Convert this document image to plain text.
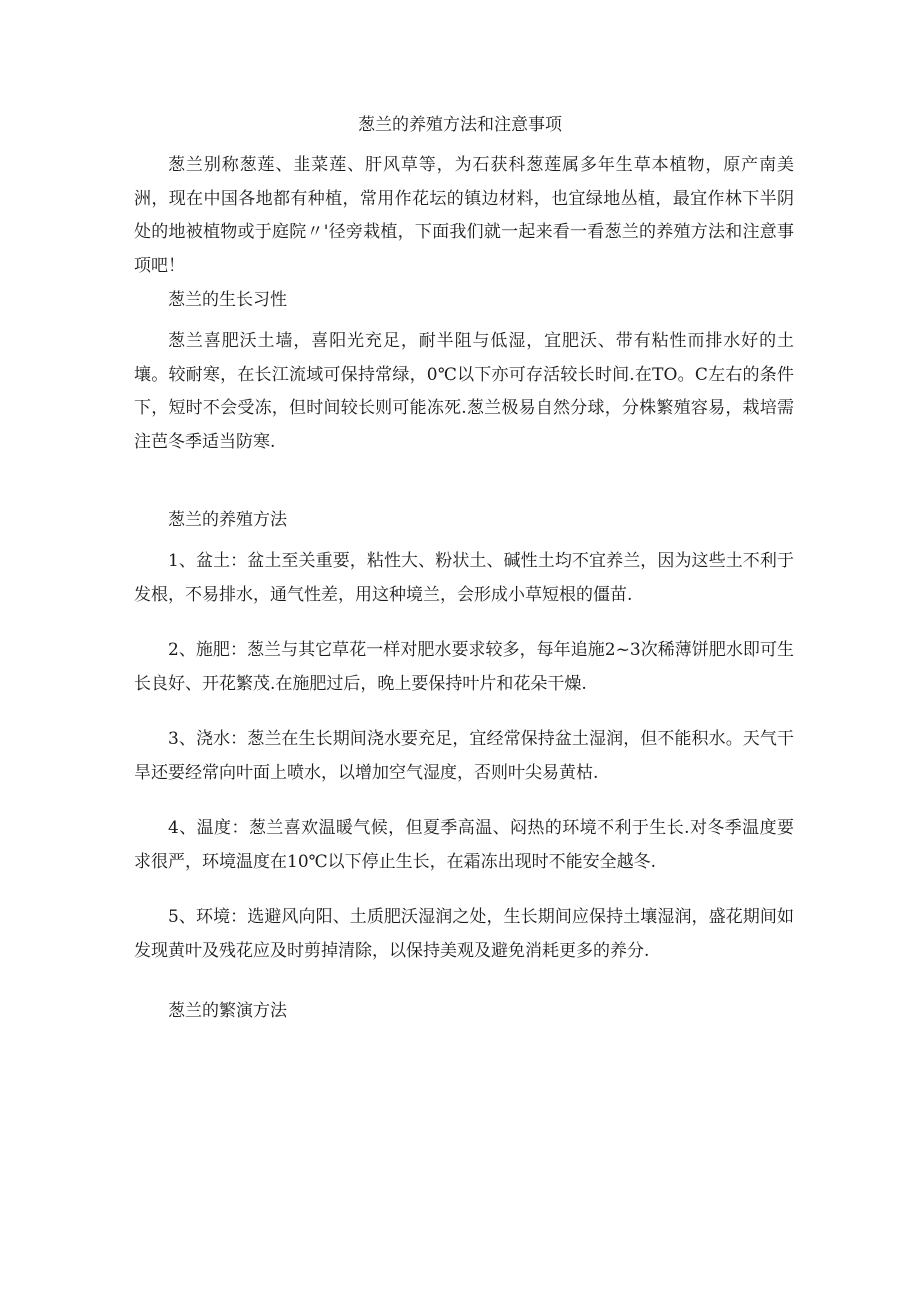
葱兰的养殖方法和注意事项

葱兰别称葱莲、韭菜莲、肝风草等，为石获科葱莲属多年生草本植物，原产南美洲，现在中国各地都有种植，常用作花坛的镇边材料，也宜绿地丛植，最宜作林下半阴处的地被植物或于庭院〃'径旁栽植，下面我们就一起来看一看葱兰的养殖方法和注意事项吧！

葱兰的生长习性

葱兰喜肥沃土墙，喜阳光充足，耐半阻与低湿，宜肥沃、带有粘性而排水好的土壤。较耐寒，在长江流域可保持常绿，0℃以下亦可存活较长时间.在TO。C左右的条件下，短时不会受冻，但时间较长则可能冻死.葱兰极易自然分球，分株繁殖容易，栽培需注芭冬季适当防寒.

葱兰的养殖方法

1、盆土：盆土至关重要，粘性大、粉状土、碱性土均不宜养兰，因为这些土不利于发根，不易排水，通气性差，用这种境兰，会形成小草短根的僵苗.

2、施肥：葱兰与其它草花一样对肥水要求较多，每年追施2~3次稀薄饼肥水即可生长良好、开花繁茂.在施肥过后，晚上要保持叶片和花朵干燥.

3、浇水：葱兰在生长期间浇水要充足，宜经常保持盆土湿润，但不能积水。天气干旱还要经常向叶面上喷水，以增加空气湿度，否则叶尖易黄枯.

4、温度：葱兰喜欢温暖气候，但夏季高温、闷热的环境不利于生长.对冬季温度要求很严，环境温度在10℃以下停止生长，在霜冻出现时不能安全越冬.

5、环境：选避风向阳、土质肥沃湿润之处，生长期间应保持土壤湿润，盛花期间如发现黄叶及残花应及时剪掉清除，以保持美观及避免消耗更多的养分.

葱兰的繁演方法
